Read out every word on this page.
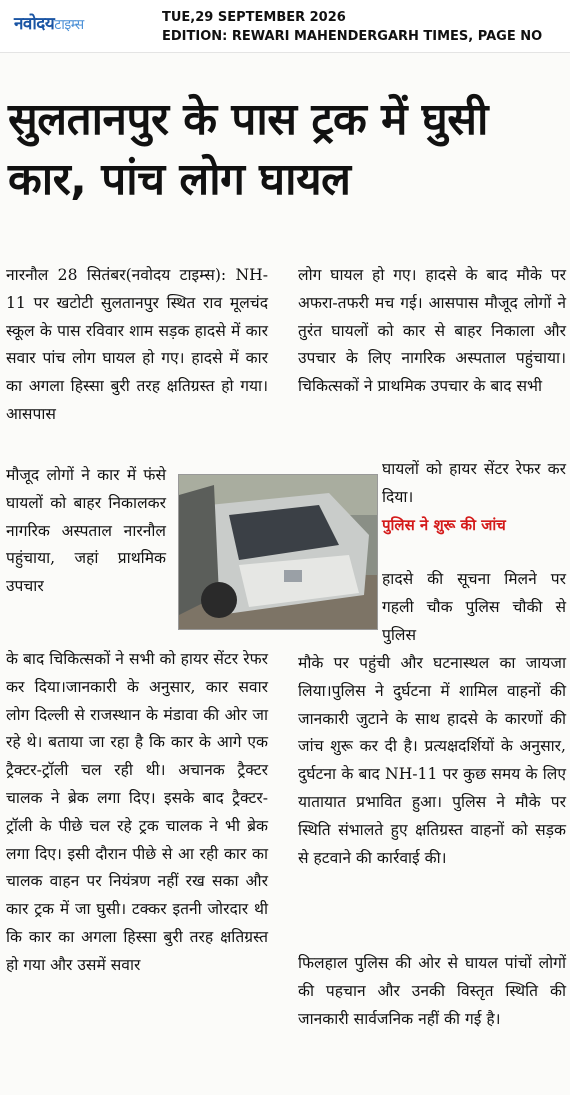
नवोदयटाइम्स	TUE,29 SEPTEMBER 2026
EDITION: REWARI MAHENDERGARH TIMES, PAGE NO
सुलतानपुर के पास ट्रक में घुसी कार, पांच लोग घायल

नारनौल 28 सितंबर(नवोदय टाइम्स): NH-11 पर खटोटी सुलतानपुर स्थित राव मूलचंद स्कूल के पास रविवार शाम सड़क हादसे में कार सवार पांच लोग घायल हो गए। हादसे में कार का अगला हिस्सा बुरी तरह क्षतिग्रस्त हो गया। आसपास

मौजूद लोगों ने कार में फंसे घायलों को बाहर निकालकर नागरिक अस्पताल नारनौल पहुंचाया, जहां प्राथमिक उपचार

के बाद चिकित्सकों ने सभी को हायर सेंटर रेफर कर दिया।जानकारी के अनुसार, कार सवार लोग दिल्ली से राजस्थान के मंडावा की ओर जा रहे थे। बताया जा रहा है कि कार के आगे एक ट्रैक्टर-ट्रॉली चल रही थी। अचानक ट्रैक्टर चालक ने ब्रेक लगा दिए। इसके बाद ट्रैक्टर-ट्रॉली के पीछे चल रहे ट्रक चालक ने भी ब्रेक लगा दिए। इसी दौरान पीछे से आ रही कार का चालक वाहन पर नियंत्रण नहीं रख सका और कार ट्रक में जा घुसी। टक्कर इतनी जोरदार थी कि कार का अगला हिस्सा बुरी तरह क्षतिग्रस्त हो गया और उसमें सवार

लोग घायल हो गए। हादसे के बाद मौके पर अफरा-तफरी मच गई। आसपास मौजूद लोगों ने तुरंत घायलों को कार से बाहर निकाला और उपचार के लिए नागरिक अस्पताल पहुंचाया। चिकित्सकों ने प्राथमिक उपचार के बाद सभी

घायलों को हायर सेंटर रेफर कर दिया।

पुलिस ने शुरू की जांच

हादसे की सूचना मिलने पर गहली चौक पुलिस चौकी से पुलिस

मौके पर पहुंची और घटनास्थल का जायजा लिया।पुलिस ने दुर्घटना में शामिल वाहनों की जानकारी जुटाने के साथ हादसे के कारणों की जांच शुरू कर दी है। प्रत्यक्षदर्शियों के अनुसार, दुर्घटना के बाद NH-11 पर कुछ समय के लिए यातायात प्रभावित हुआ। पुलिस ने मौके पर स्थिति संभालते हुए क्षतिग्रस्त वाहनों को सड़क से हटवाने की कार्रवाई की।

फिलहाल पुलिस की ओर से घायल पांचों लोगों की पहचान और उनकी विस्तृत स्थिति की जानकारी सार्वजनिक नहीं की गई है।
